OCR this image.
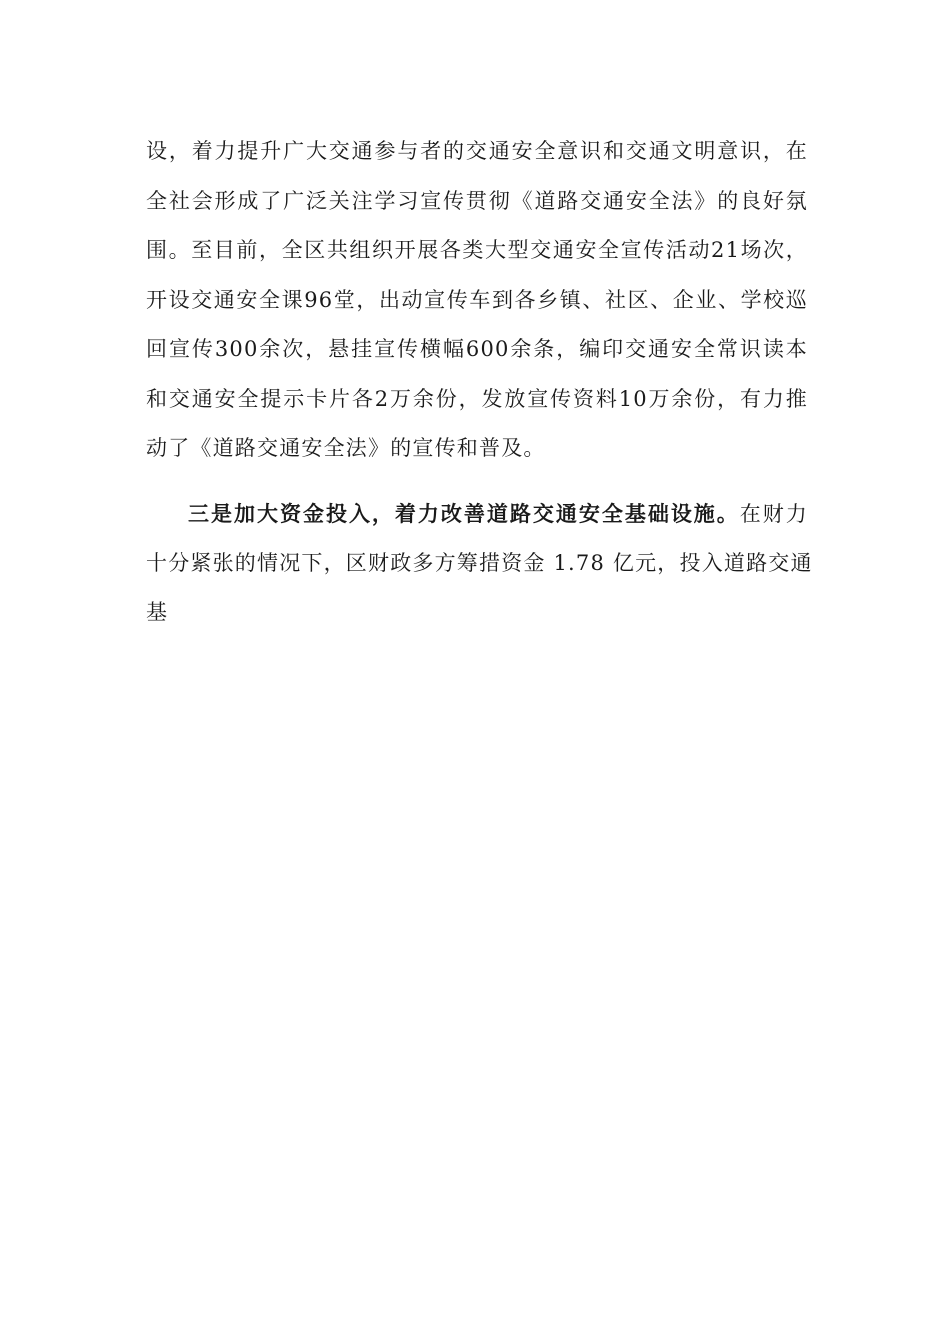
设，着力提升广大交通参与者的交通安全意识和交通文明意识，在
全社会形成了广泛关注学习宣传贯彻《道路交通安全法》的良好氛
围。至目前，全区共组织开展各类大型交通安全宣传活动21场次，
开设交通安全课96堂，出动宣传车到各乡镇、社区、企业、学校巡
回宣传300余次，悬挂宣传横幅600余条，编印交通安全常识读本
和交通安全提示卡片各2万余份，发放宣传资料10万余份，有力推
动了《道路交通安全法》的宣传和普及。
三是加大资金投入，着力改善道路交通安全基础设施。在财力
十分紧张的情况下，区财政多方筹措资金 1.78 亿元，投入道路交通
基
